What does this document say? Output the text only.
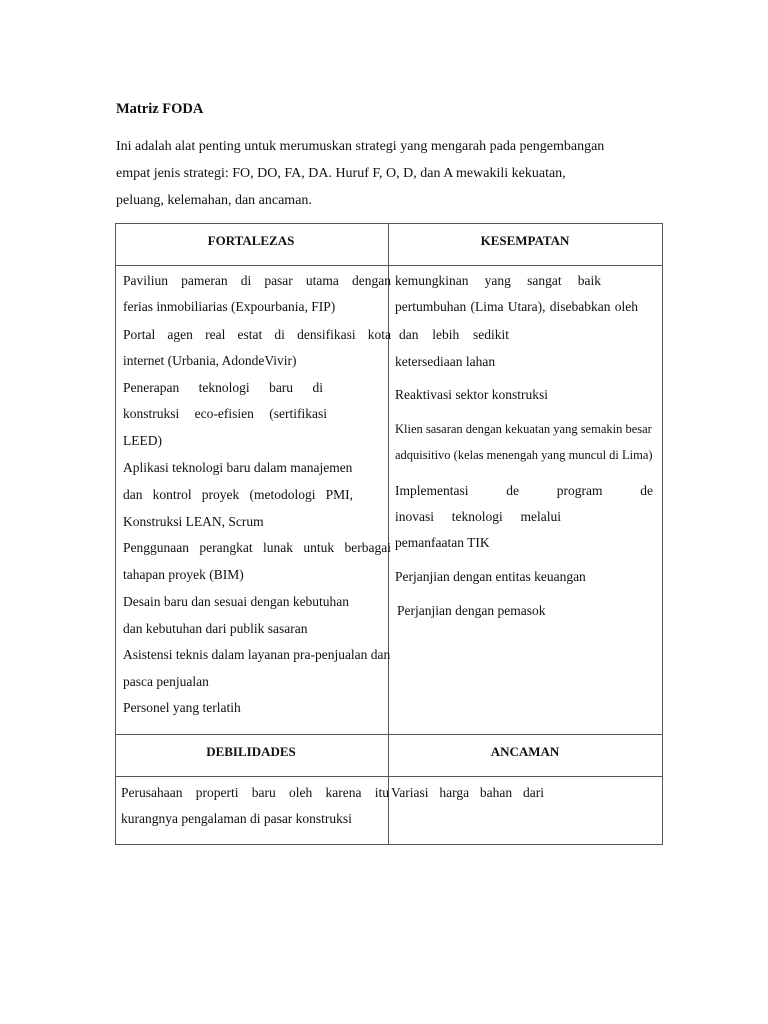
Matriz FODA
Ini adalah alat penting untuk merumuskan strategi yang mengarah pada pengembangan
empat jenis strategi: FO, DO, FA, DA. Huruf F, O, D, dan A mewakili kekuatan,
peluang, kelemahan, dan ancaman.
FORTALEZAS	KESEMPATAN
DEBILIDADES	ANCAMAN
Paviliun pameran di pasar utama dengan
ferias inmobiliarias (Expourbania, FIP)
Portal agen real estat di densifikasi kota
internet (Urbania, AdondeVivir)
Penerapan teknologi baru di
konstruksi eco-efisien (sertifikasi
LEED)
Aplikasi teknologi baru dalam manajemen
dan kontrol proyek (metodologi PMI,
Konstruksi LEAN, Scrum
Penggunaan perangkat lunak untuk berbagai
tahapan proyek (BIM)
Desain baru dan sesuai dengan kebutuhan
dan kebutuhan dari publik sasaran
Asistensi teknis dalam layanan pra-penjualan dan
pasca penjualan
Personel yang terlatih
kemungkinan yang sangat baik
pertumbuhan (Lima Utara), disebabkan oleh
dan lebih sedikit
ketersediaan lahan
Reaktivasi sektor konstruksi
Klien sasaran dengan kekuatan yang semakin besar
adquisitivo (kelas menengah yang muncul di Lima)
Implementasi de program de
inovasi teknologi melalui
pemanfaatan TIK
Perjanjian dengan entitas keuangan
Perjanjian dengan pemasok
Perusahaan properti baru oleh karena itu
kurangnya pengalaman di pasar konstruksi
Variasi harga bahan dari
